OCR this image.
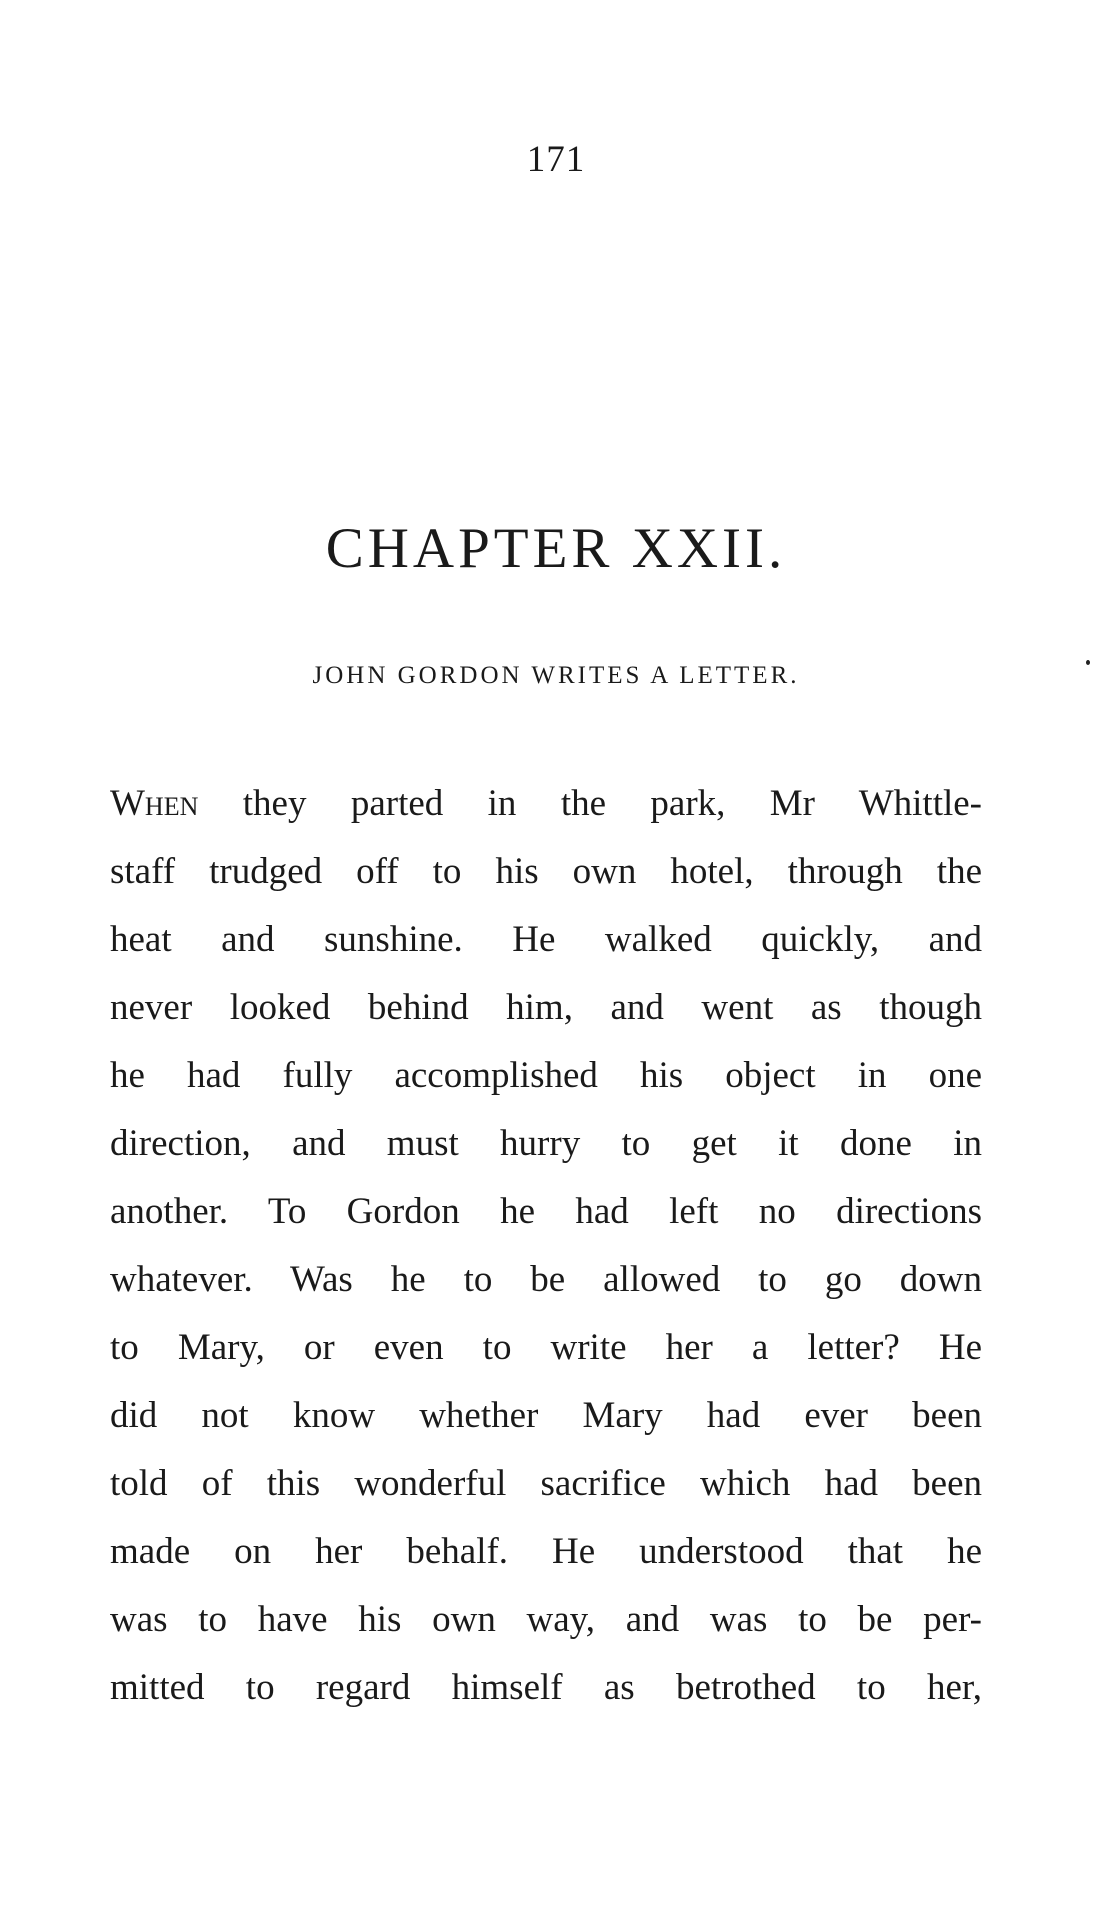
171
CHAPTER XXII.
JOHN GORDON WRITES A LETTER.
When they parted in the park, Mr Whittle-
staff trudged off to his own hotel, through the
heat and sunshine. He walked quickly, and
never looked behind him, and went as though
he had fully accomplished his object in one
direction, and must hurry to get it done in
another. To Gordon he had left no directions
whatever. Was he to be allowed to go down
to Mary, or even to write her a letter? He
did not know whether Mary had ever been
told of this wonderful sacrifice which had been
made on her behalf. He understood that he
was to have his own way, and was to be per-
mitted to regard himself as betrothed to her,
